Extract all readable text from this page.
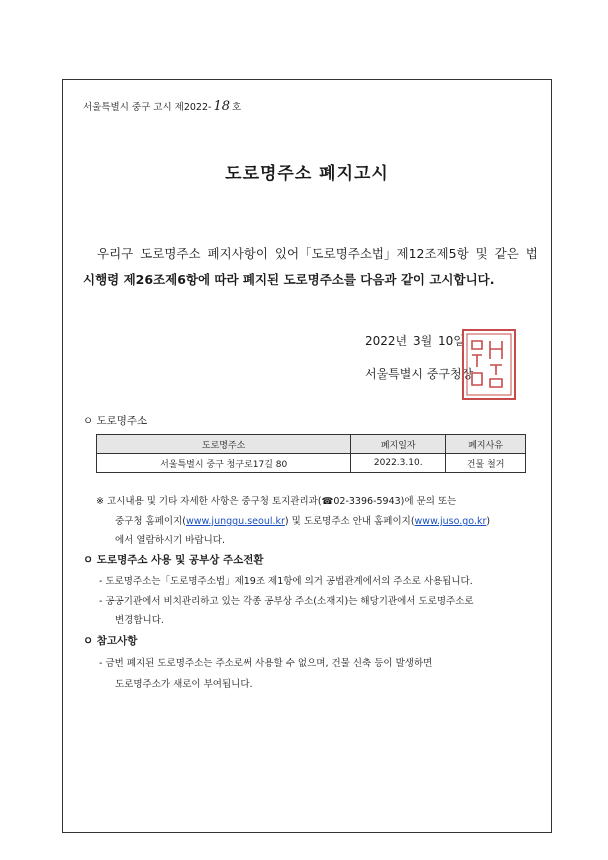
서울특별시 중구 고시 제2022- 18 호
도로명주소 폐지고시
우리구 도로명주소 폐지사항이 있어「도로명주소법」제12조제5항 및 같은 법
시행령 제26조제6항에 따라 폐지된 도로명주소를 다음과 같이 고시합니다.
2022년 3월 10일
서울특별시 중구청장
ㅇ 도로명주소
도로명주소	폐지일자	폐지사유
서울특별시 중구 청구로17길 80	2022.3.10.	건물 철거
※ 고시내용 및 기타 자세한 사항은 중구청 토지관리과(☎02-3396-5943)에 문의 또는
중구청 홈페이지(www.junggu.seoul.kr) 및 도로명주소 안내 홈페이지(www.juso.go.kr)
에서 열람하시기 바랍니다.
ㅇ 도로명주소 사용 및 공부상 주소전환
- 도로명주소는「도로명주소법」제19조 제1항에 의거 공법관계에서의 주소로 사용됩니다.
- 공공기관에서 비치관리하고 있는 각종 공부상 주소(소재지)는 해당기관에서 도로명주소로
변경합니다.
ㅇ 참고사항
- 금번 폐지된 도로명주소는 주소로써 사용할 수 없으며, 건물 신축 등이 발생하면
도로명주소가 새로이 부여됩니다.
